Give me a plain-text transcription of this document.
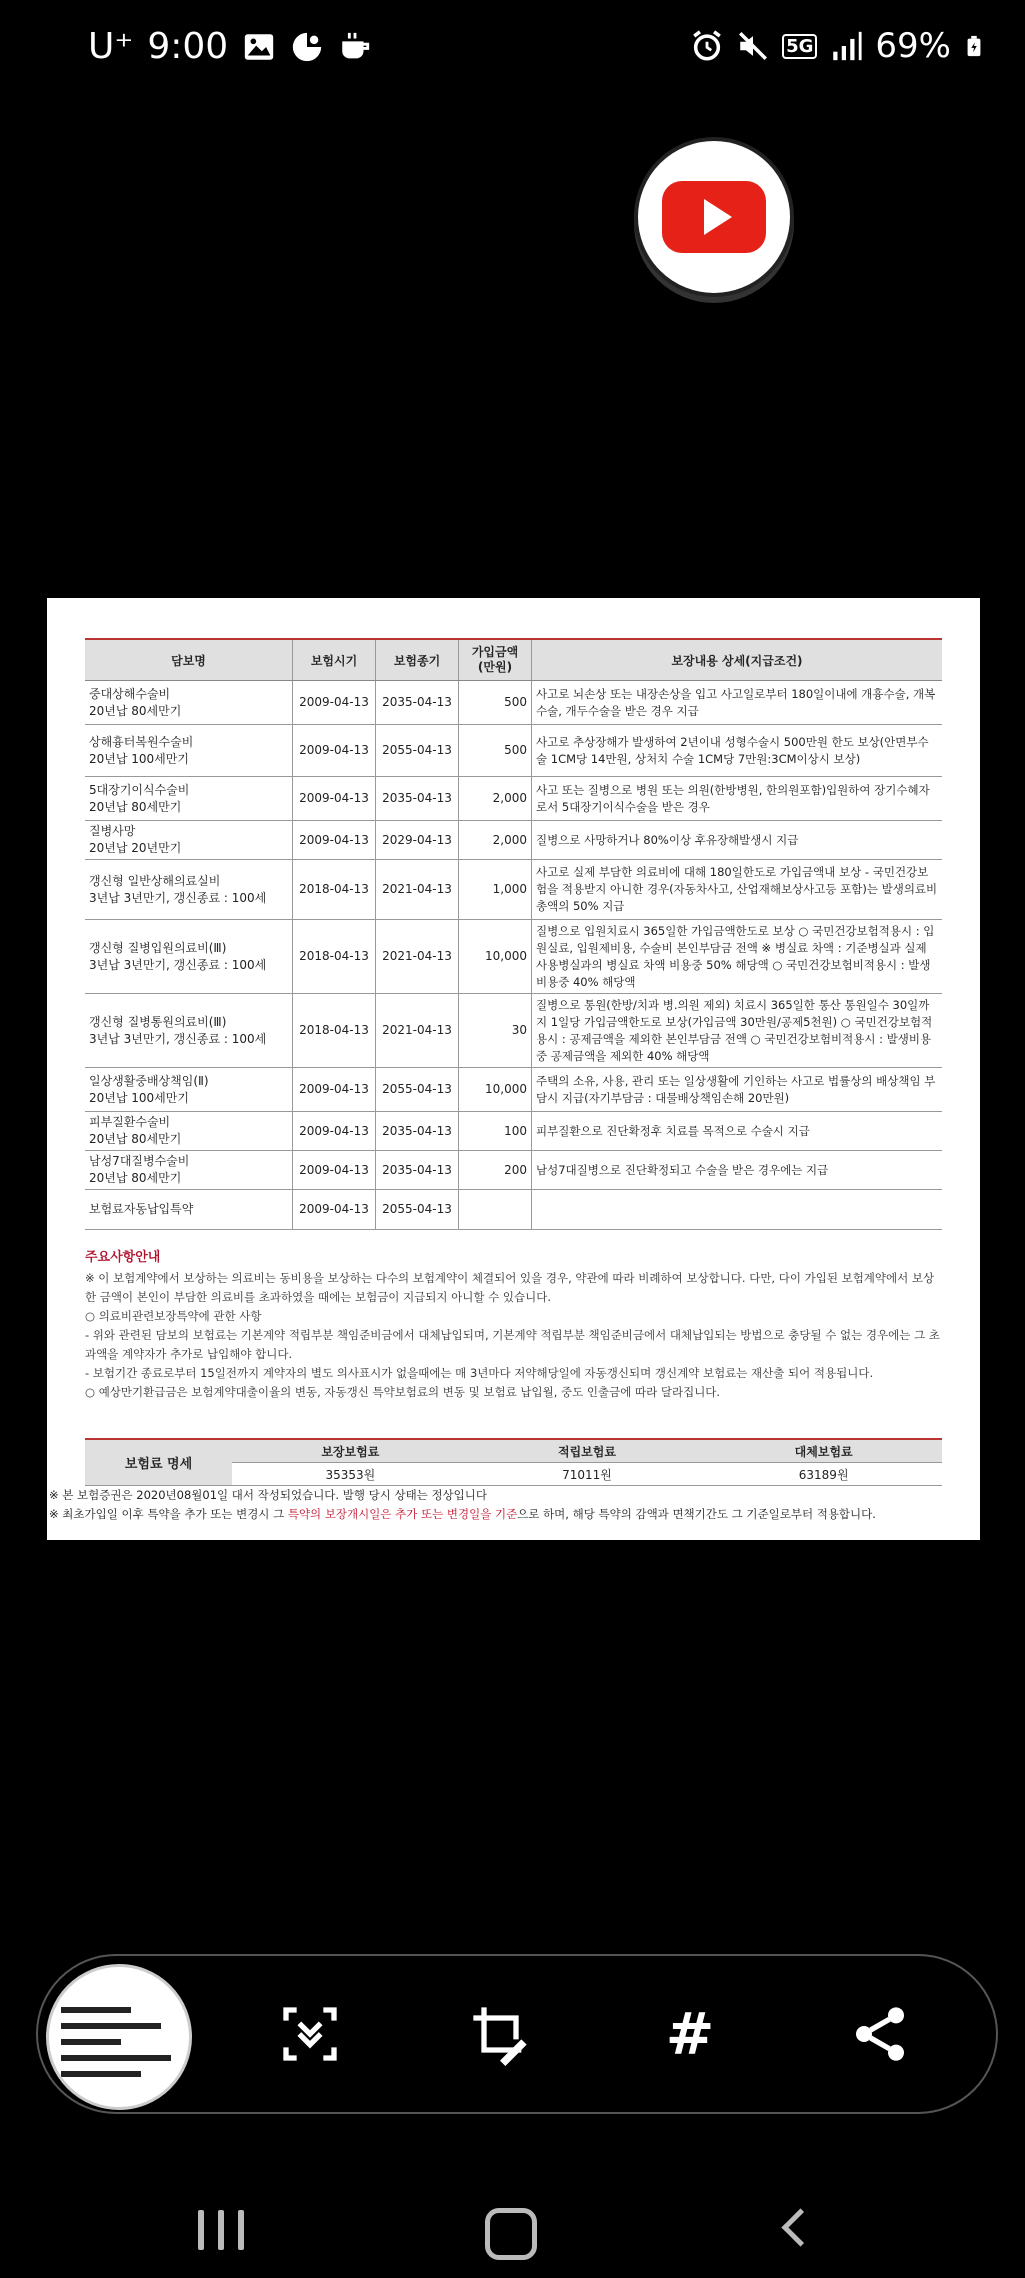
U⁺ 9:00	5G 69%
담보명	보험시기	보험종기	가입금액
(만원)	보장내용 상세(지급조건)
중대상해수술비
20년납 80세만기	2009-04-13	2035-04-13	500	사고로 뇌손상 또는 내장손상을 입고 사고일로부터 180일이내에 개흉수술, 개복수술, 개두수술을 받은 경우 지급
상해흉터복원수술비
20년납 100세만기	2009-04-13	2055-04-13	500	사고로 추상장해가 발생하여 2년이내 성형수술시 500만원 한도 보상(안면부수술 1CM당 14만원, 상처치 수술 1CM당 7만원:3CM이상시 보상)
5대장기이식수술비
20년납 80세만기	2009-04-13	2035-04-13	2,000	사고 또는 질병으로 병원 또는 의원(한방병원, 한의원포함)입원하여 장기수혜자로서 5대장기이식수술을 받은 경우
질병사망
20년납 20년만기	2009-04-13	2029-04-13	2,000	질병으로 사망하거나 80%이상 후유장해발생시 지급
갱신형 일반상해의료실비
3년납 3년만기, 갱신종료 : 100세	2018-04-13	2021-04-13	1,000	사고로 실제 부담한 의료비에 대해 180일한도로 가입금액내 보상 - 국민건강보험을 적용받지 아니한 경우(자동차사고, 산업재해보상사고등 포함)는 발생의료비 총액의 50% 지급
갱신형 질병입원의료비(Ⅲ)
3년납 3년만기, 갱신종료 : 100세	2018-04-13	2021-04-13	10,000	질병으로 입원치료시 365일한 가입금액한도로 보상 ○ 국민건강보험적용시 : 입원실료, 입원제비용, 수술비 본인부담금 전액 ※ 병실료 차액 : 기준병실과 실제 사용병실과의 병실료 차액 비용중 50% 해당액 ○ 국민건강보험비적용시 : 발생비용중 40% 해당액
갱신형 질병통원의료비(Ⅲ)
3년납 3년만기, 갱신종료 : 100세	2018-04-13	2021-04-13	30	질병으로 통원(한방/치과 병.의원 제외) 치료시 365일한 통산 통원일수 30일까지 1일당 가입금액한도로 보상(가입금액 30만원/공제5천원) ○ 국민건강보험적용시 : 공제금액을 제외한 본인부담금 전액 ○ 국민건강보험비적용시 : 발생비용중 공제금액을 제외한 40% 해당액
일상생활중배상책임(Ⅱ)
20년납 100세만기	2009-04-13	2055-04-13	10,000	주택의 소유, 사용, 관리 또는 일상생활에 기인하는 사고로 법률상의 배상책임 부담시 지급(자기부담금 : 대물배상책임손해 20만원)
피부질환수술비
20년납 80세만기	2009-04-13	2035-04-13	100	피부질환으로 진단확정후 치료를 목적으로 수술시 지급
남성7대질병수술비
20년납 80세만기	2009-04-13	2035-04-13	200	남성7대질병으로 진단확정되고 수술을 받은 경우에는 지급
보험료자동납입특약	2009-04-13	2055-04-13		
주요사항안내
※ 이 보험계약에서 보상하는 의료비는 동비용을 보상하는 다수의 보험계약이 체결되어 있을 경우, 약관에 따라 비례하여 보상합니다. 다만, 다이 가입된 보험계약에서 보상한 금액이 본인이 부담한 의료비를 초과하였을 때에는 보험금이 지급되지 아니할 수 있습니다.
○ 의료비관련보장특약에 관한 사항
- 위와 관련된 담보의 보험료는 기본계약 적립부분 책임준비금에서 대체납입되며, 기본계약 적립부분 책임준비금에서 대체납입되는 방법으로 충당될 수 없는 경우에는 그 초과액을 계약자가 추가로 납입해야 합니다.
- 보험기간 종료로부터 15일전까지 계약자의 별도 의사표시가 없을때에는 매 3년마다 저약해당일에 자동갱신되며 갱신계약 보험료는 재산출 되어 적용됩니다.
○ 예상만기환급금은 보험계약대출이율의 변동, 자동갱신 특약보험료의 변동 및 보험료 납입월, 중도 인출금에 따라 달라집니다.
보험료 명세	보장보험료	적립보험료	대체보험료
	35353원	71011원	63189원
※ 본 보험증권은 2020년08월01일 대서 작성되었습니다. 발행 당시 상태는 정상입니다
※ 최초가입일 이후 특약을 추가 또는 변경시 그 특약의 보장개시일은 추가 또는 변경일을 기준으로 하며, 해당 특약의 감액과 면책기간도 그 기준일로부터 적용합니다.
#
